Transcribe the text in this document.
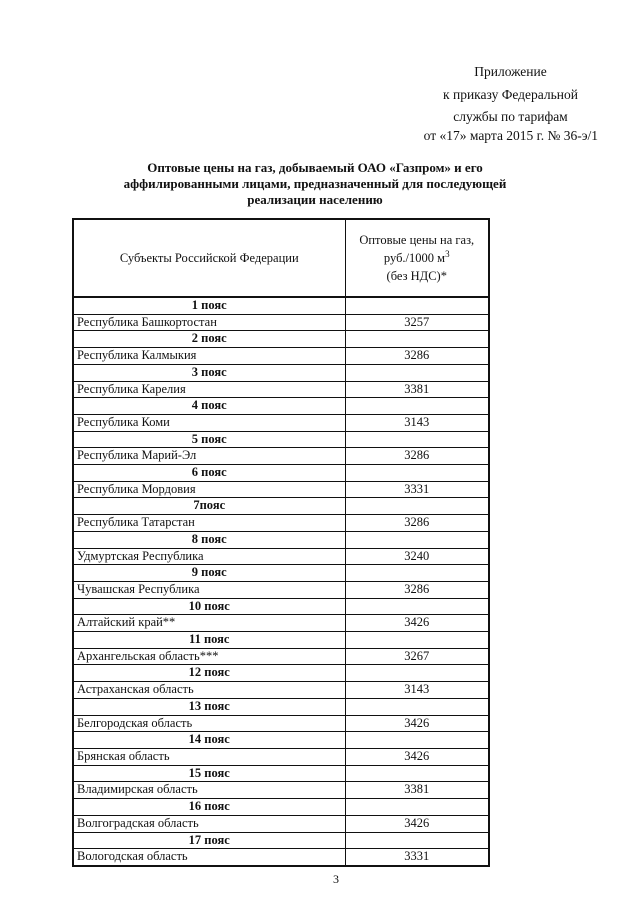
Приложение
к приказу Федеральной
службы по тарифам
от «17» марта 2015 г. № 36-э/1
Оптовые цены на газ, добываемый ОАО «Газпром» и его аффилированными лицами, предназначенный для последующей реализации населению
Субъекты Российской Федерации	Оптовые цены на газ,
руб./1000 $м^3$
(без НДС)*

1 пояс	
Республика Башкортостан	3257
2 пояс	
Республика Калмыкия	3286
3 пояс	
Республика Карелия	3381
4 пояс	
Республика Коми	3143
5 пояс	
Республика Марий-Эл	3286
6 пояс	
Республика Мордовия	3331
7пояс	
Республика Татарстан	3286
8 пояс	
Удмуртская Республика	3240
9 пояс	
Чувашская Республика	3286
10 пояс	
Алтайский край**	3426
11 пояс	
Архангельская область***	3267
12 пояс	
Астраханская область	3143
13 пояс	
Белгородская область	3426
14 пояс	
Брянская область	3426
15 пояс	
Владимирская область	3381
16 пояс	
Волгоградская область	3426
17 пояс	
Вологодская область	3331
3
